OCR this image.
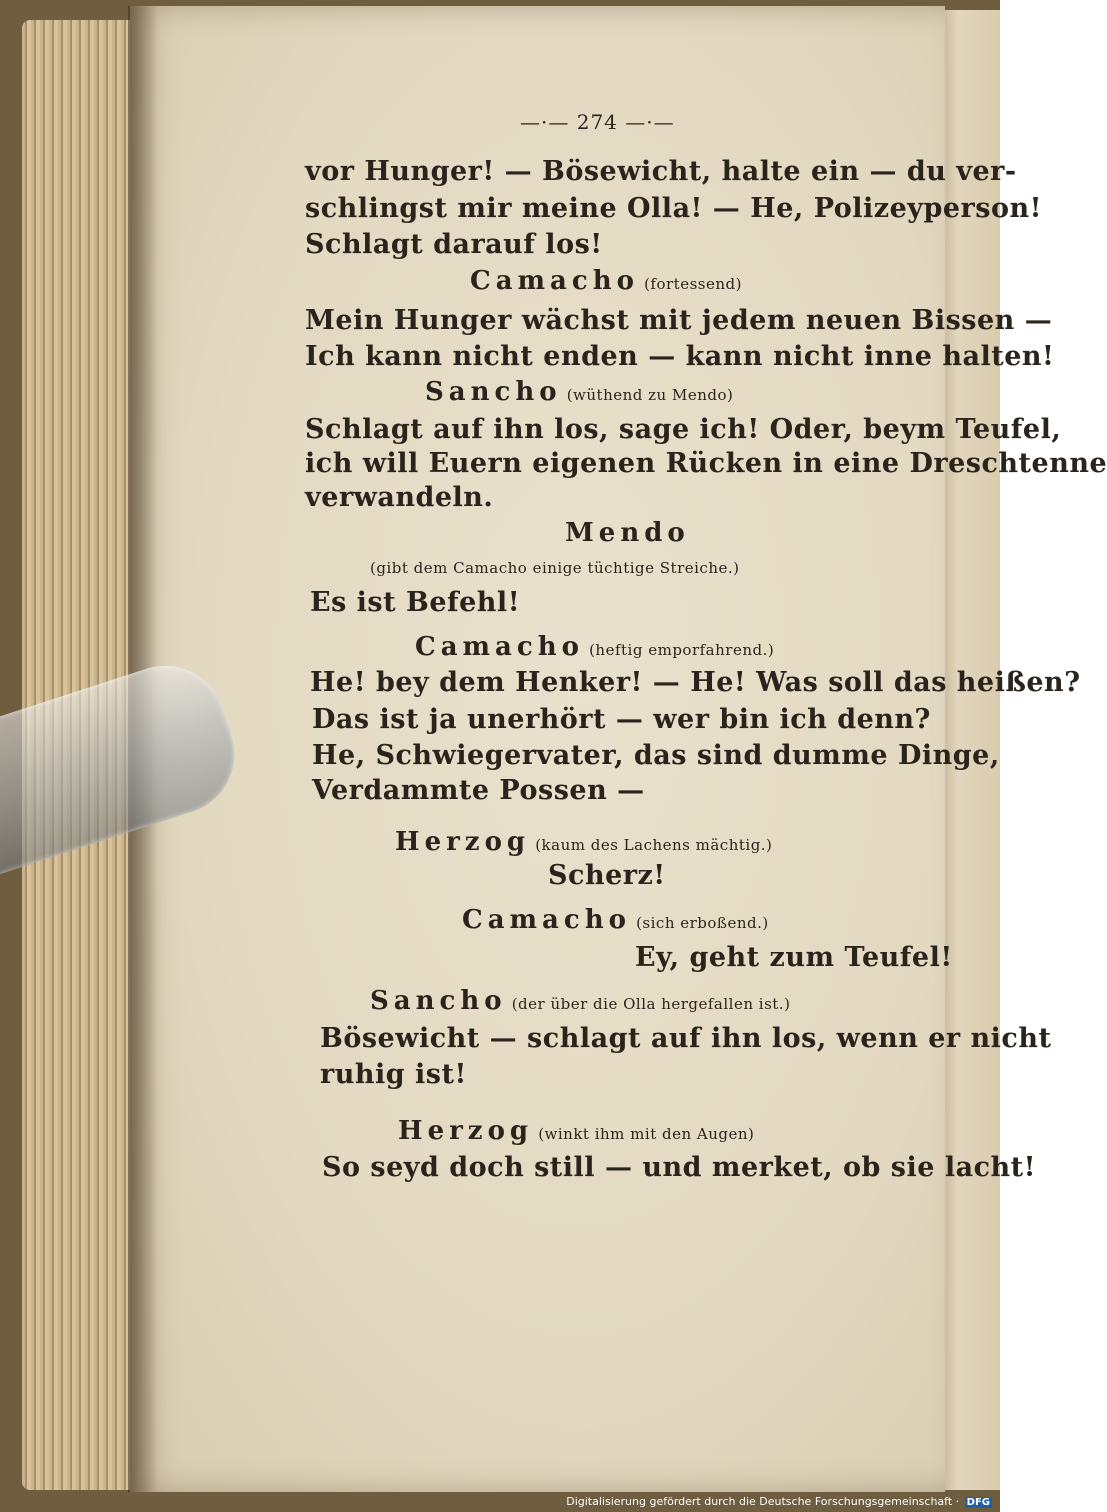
—·— 274 —·—
vor Hunger! — Bösewicht, halte ein — du ver-
schlingst mir meine Olla! — He, Polizeyperson!
Schlagt darauf los!
Camacho (fortessend)
Mein Hunger wächst mit jedem neuen Bissen —
Ich kann nicht enden — kann nicht inne halten!
Sancho (wüthend zu Mendo)
Schlagt auf ihn los, sage ich! Oder, beym Teufel,
ich will Euern eigenen Rücken in eine Dreschtenne
verwandeln.
Mendo
(gibt dem Camacho einige tüchtige Streiche.)
Es ist Befehl!
Camacho (heftig emporfahrend.)
He! bey dem Henker! — He! Was soll das heißen?
Das ist ja unerhört — wer bin ich denn?
He, Schwiegervater, das sind dumme Dinge,
Verdammte Possen —
Herzog (kaum des Lachens mächtig.)
Scherz!
Camacho (sich erboßend.)
Ey, geht zum Teufel!
Sancho (der über die Olla hergefallen ist.)
Bösewicht — schlagt auf ihn los, wenn er nicht
ruhig ist!
Herzog (winkt ihm mit den Augen)
So seyd doch still — und merket, ob sie lacht!
Digitalisierung gefördert durch die Deutsche Forschungsgemeinschaft · DFG
